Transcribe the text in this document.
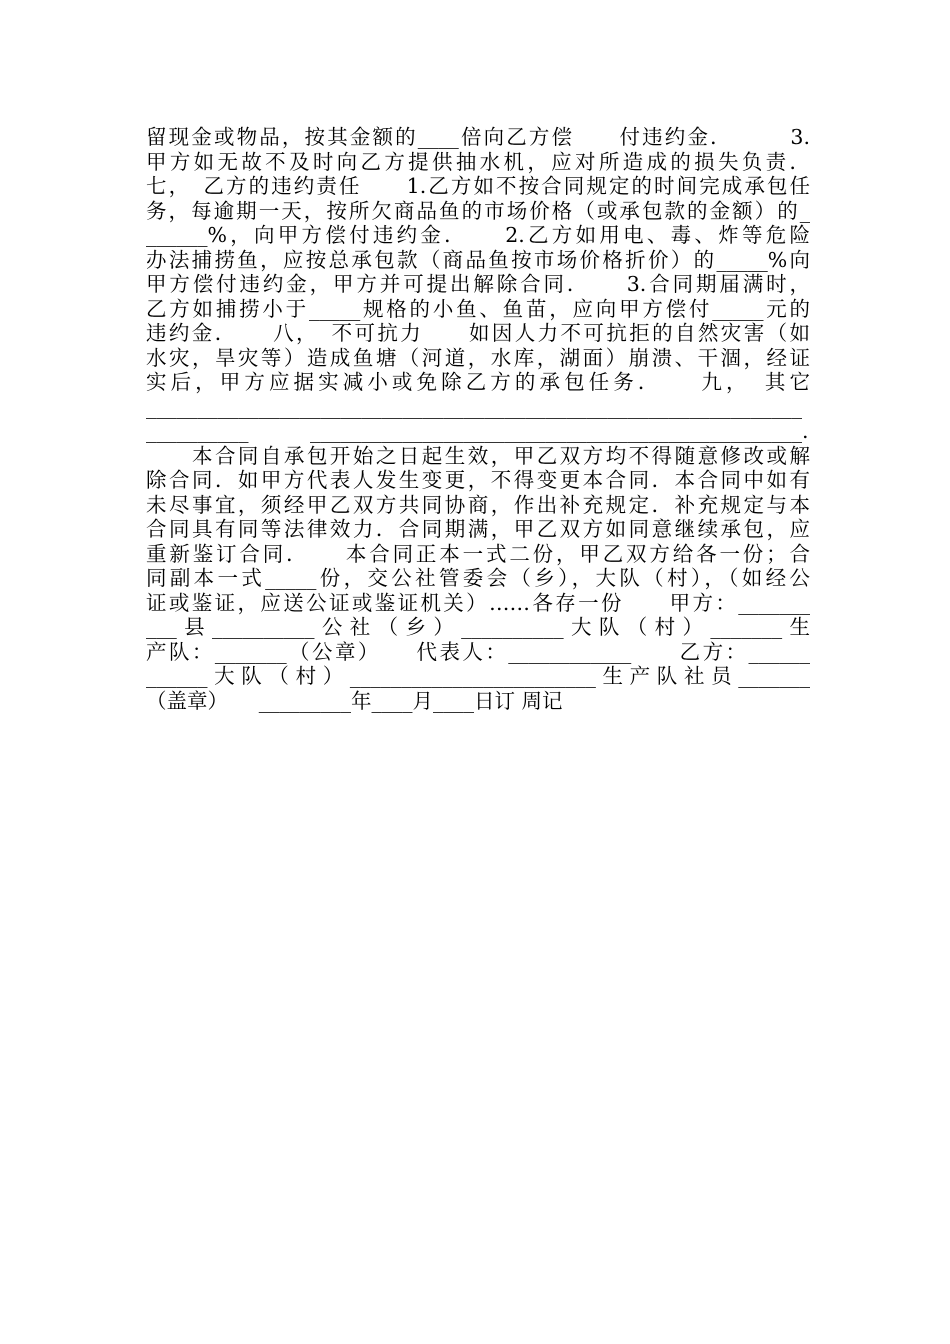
留现金或物品，按其金额的____倍向乙方偿　　付违约金．　　　3.
甲方如无故不及时向乙方提供抽水机，应对所造成的损失负责．
七，　乙方的违约责任　　1.乙方如不按合同规定的时间完成承包任
务，每逾期一天，按所欠商品鱼的市场价格（或承包款的金额）的_
______%，向甲方偿付违约金．　　2.乙方如用电、毒、炸等危险
办法捕捞鱼，应按总承包款（商品鱼按市场价格折价）的_____%向
甲方偿付违约金，甲方并可提出解除合同．　　3.合同期届满时，
乙方如捕捞小于_____规格的小鱼、鱼苗，应向甲方偿付_____元的
违约金．　　八，　不可抗力　　如因人力不可抗拒的自然灾害（如
水灾，旱灾等）造成鱼塘（河道，水库，湖面）崩溃、干涸，经证
实后，甲方应据实减小或免除乙方的承包任务．　　九，　其它
________________________________________________________________
__________　　　________________________________________________.
　　本合同自承包开始之日起生效，甲乙双方均不得随意修改或解
除合同．如甲方代表人发生变更，不得变更本合同．本合同中如有
未尽事宜，须经甲乙双方共同协商，作出补充规定．补充规定与本
合同具有同等法律效力．合同期满，甲乙双方如同意继续承包，应
重新鉴订合同．　　本合同正本一式二份，甲乙双方给各一份；合
同副本一式_____份，交公社管委会（乡），大队（村），（如经公
证或鉴证，应送公证或鉴证机关）……各存一份　　甲方：_______
___县__________公社（乡）__________大队（村）_______生
产队：_______（公章）　　代表人：____________　　乙方：______
______大队（村）________________________生产队社员_______
（盖章）　　_________年____月____日订 周记
